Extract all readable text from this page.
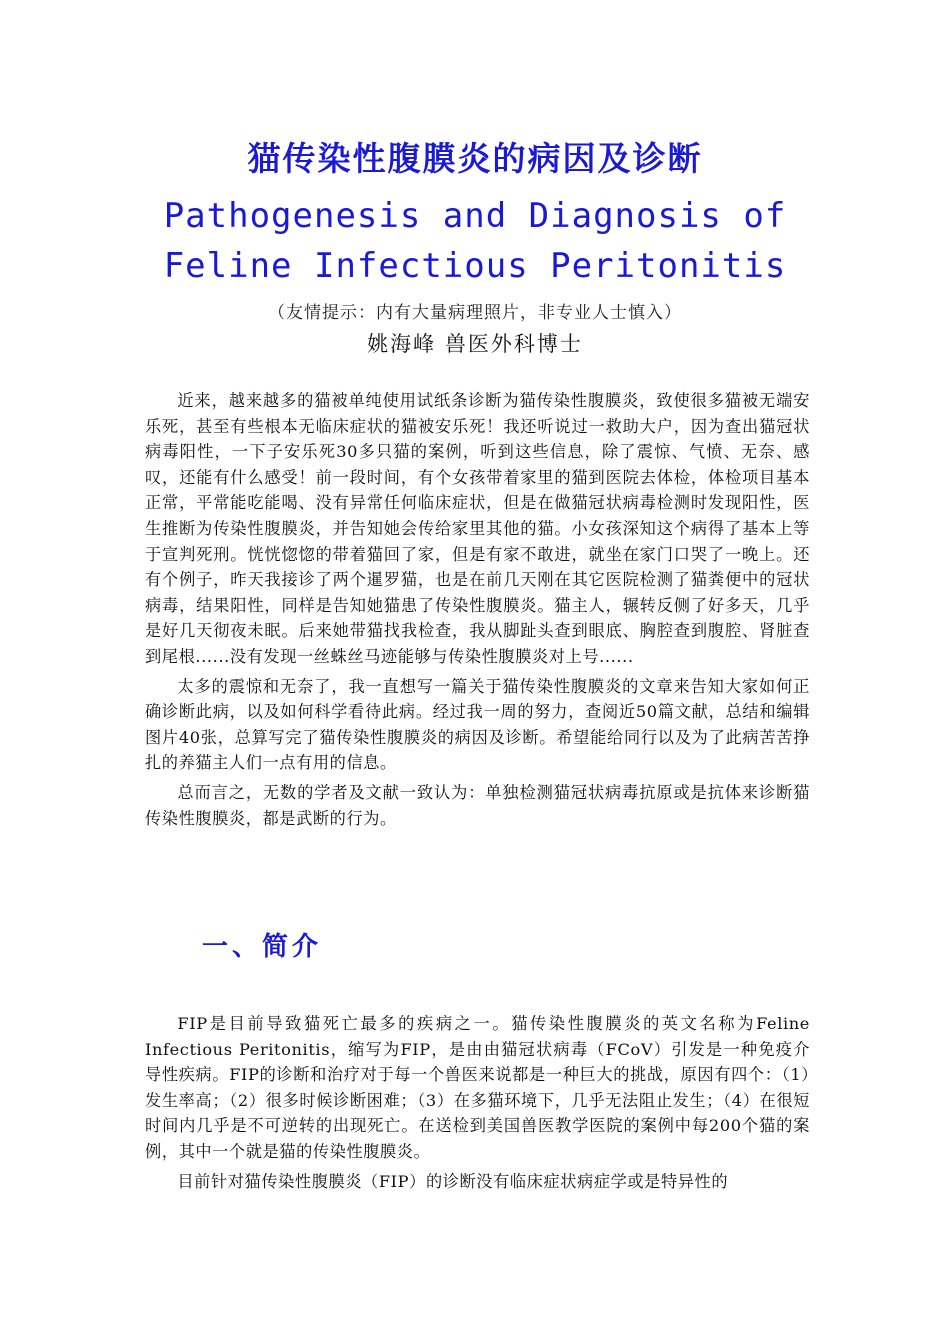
猫传染性腹膜炎的病因及诊断
Pathogenesis and Diagnosis of
Feline Infectious Peritonitis
（友情提示：内有大量病理照片，非专业人士慎入）
姚海峰 兽医外科博士

近来，越来越多的猫被单纯使用试纸条诊断为猫传染性腹膜炎，致使很多猫被无端安乐死，甚至有些根本无临床症状的猫被安乐死！我还听说过一救助大户，因为查出猫冠状病毒阳性，一下子安乐死30多只猫的案例，听到这些信息，除了震惊、气愤、无奈、感叹，还能有什么感受！前一段时间，有个女孩带着家里的猫到医院去体检，体检项目基本正常，平常能吃能喝、没有异常任何临床症状，但是在做猫冠状病毒检测时发现阳性，医生推断为传染性腹膜炎，并告知她会传给家里其他的猫。小女孩深知这个病得了基本上等于宣判死刑。恍恍惚惚的带着猫回了家，但是有家不敢进，就坐在家门口哭了一晚上。还有个例子，昨天我接诊了两个暹罗猫，也是在前几天刚在其它医院检测了猫粪便中的冠状病毒，结果阳性，同样是告知她猫患了传染性腹膜炎。猫主人，辗转反侧了好多天，几乎是好几天彻夜未眠。后来她带猫找我检查，我从脚趾头查到眼底、胸腔查到腹腔、肾脏查到尾根......没有发现一丝蛛丝马迹能够与传染性腹膜炎对上号......

太多的震惊和无奈了，我一直想写一篇关于猫传染性腹膜炎的文章来告知大家如何正确诊断此病，以及如何科学看待此病。经过我一周的努力，查阅近50篇文献，总结和编辑图片40张，总算写完了猫传染性腹膜炎的病因及诊断。希望能给同行以及为了此病苦苦挣扎的养猫主人们一点有用的信息。

总而言之，无数的学者及文献一致认为：单独检测猫冠状病毒抗原或是抗体来诊断猫传染性腹膜炎，都是武断的行为。

一、简介

FIP是目前导致猫死亡最多的疾病之一。猫传染性腹膜炎的英文名称为Feline Infectious Peritonitis，缩写为FIP，是由由猫冠状病毒（FCoV）引发是一种免疫介导性疾病。FIP的诊断和治疗对于每一个兽医来说都是一种巨大的挑战，原因有四个：（1）发生率高；（2）很多时候诊断困难；（3）在多猫环境下，几乎无法阻止发生；（4）在很短时间内几乎是不可逆转的出现死亡。在送检到美国兽医教学医院的案例中每200个猫的案例，其中一个就是猫的传染性腹膜炎。

目前针对猫传染性腹膜炎（FIP）的诊断没有临床症状病症学或是特异性的
